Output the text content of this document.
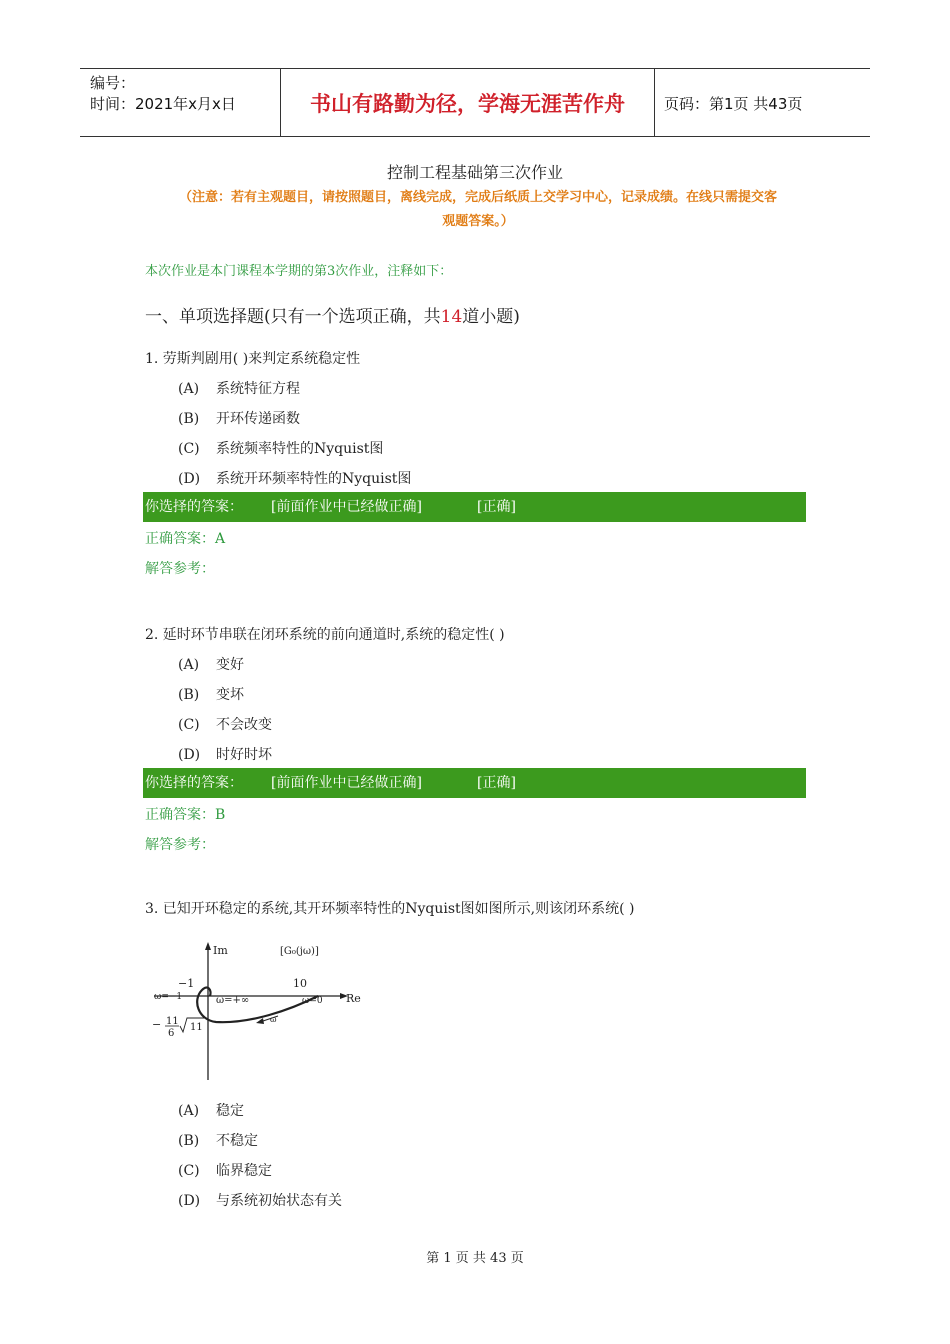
编号：
时间：2021年x月x日	书山有路勤为径，学海无涯苦作舟	页码：第1页 共43页
控制工程基础第三次作业
（注意：若有主观题目，请按照题目，离线完成，完成后纸质上交学习中心，记录成绩。在线只需提交客
观题答案。）
本次作业是本门课程本学期的第3次作业，注释如下：
一、单项选择题(只有一个选项正确，共14道小题)
1. 劳斯判剧用( )来判定系统稳定性
(A) 系统特征方程
(B) 开环传递函数
(C) 系统频率特性的Nyquist图
(D) 系统开环频率特性的Nyquist图
你选择的答案： [前面作业中已经做正确]	[正确]
正确答案：A
解答参考：
2. 延时环节串联在闭环系统的前向通道时,系统的稳定性( )
(A) 变好
(B) 变坏
(C) 不会改变
(D) 时好时坏
你选择的答案： [前面作业中已经做正确]	[正确]
正确答案：B
解答参考：
3. 已知开环稳定的系统,其开环频率特性的Nyquist图如图所示,则该闭环系统( )
Im	[G₀(jω)]
−1
ω=−1
10
ω=+∞	ω=0 Re
− 11
6
11
ω
(A) 稳定
(B) 不稳定
(C) 临界稳定
(D) 与系统初始状态有关
第 1 页 共 43 页
